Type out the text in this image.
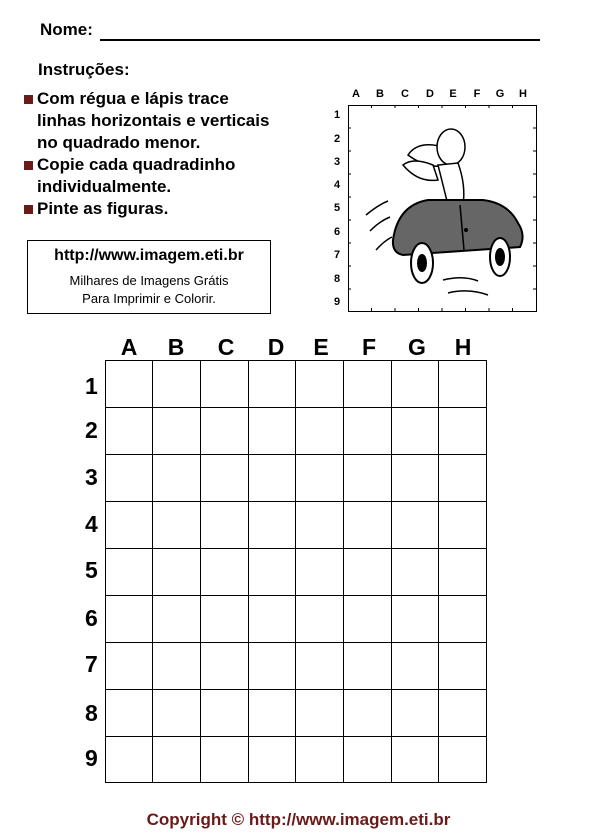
Nome:
Instruções:
Com régua e lápis trace
linhas horizontais e verticais
no quadrado menor.
Copie cada quadradinho
individualmente.
Pinte as figuras.
http://www.imagem.eti.br
Milhares de Imagens Grátis
Para Imprimir e Colorir.
A B C D E F G H
1
2
3
4
5
6
7
8
9
A B C D	E	F	G H
1
2
3
4
5
6
7
8
9
Copyright © http://www.imagem.eti.br
